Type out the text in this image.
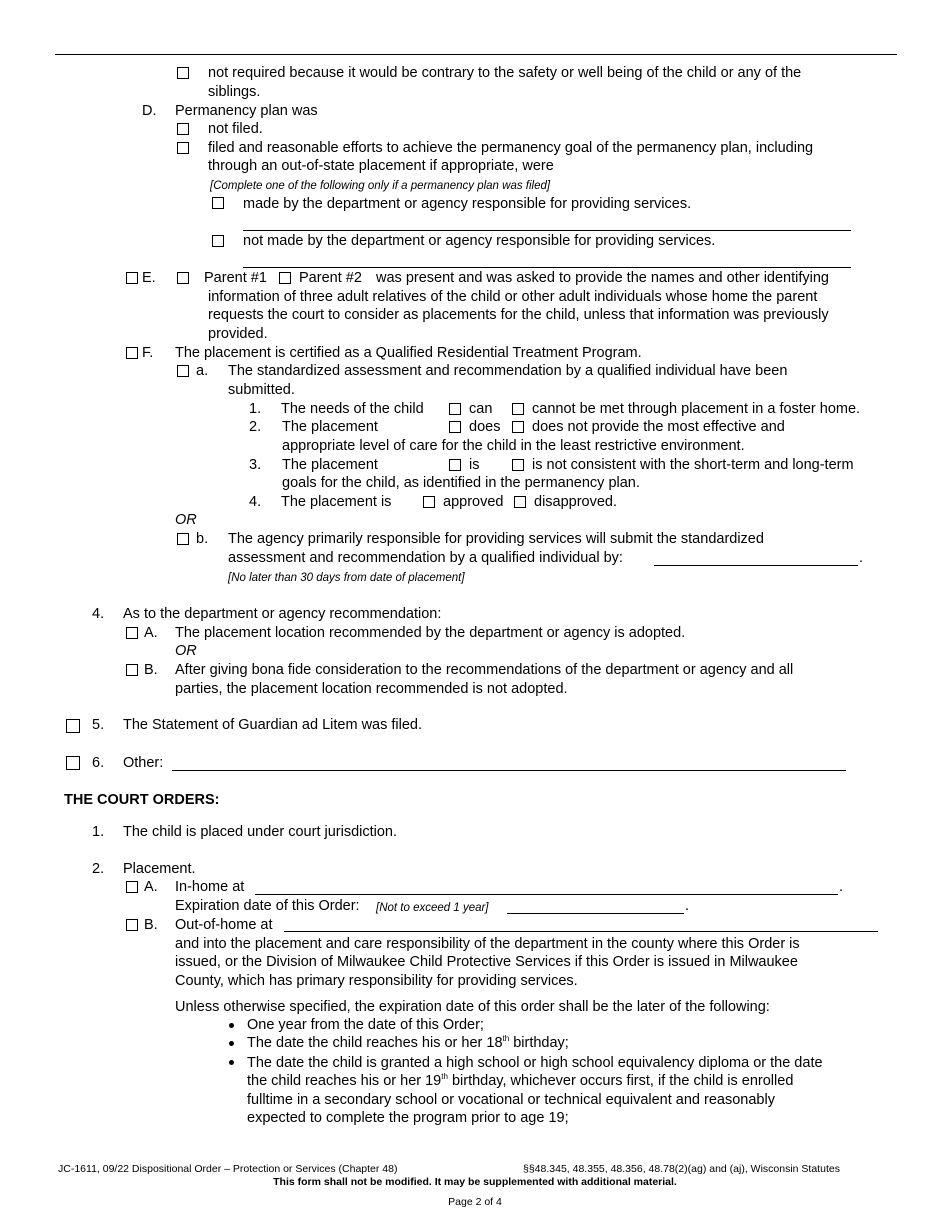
not required because it would be contrary to the safety or well being of the child or any of the
siblings.
D. Permanency plan was
not filed.
filed and reasonable efforts to achieve the permanency goal of the permanency plan, including
through an out-of-state placement if appropriate, were
[Complete one of the following only if a permanency plan was filed]
made by the department or agency responsible for providing services.
not made by the department or agency responsible for providing services.
E.	Parent #1 Parent #2 was present and was asked to provide the names and other identifying
information of three adult relatives of the child or other adult individuals whose home the parent
requests the court to consider as placements for the child, unless that information was previously
provided.
F. The placement is certified as a Qualified Residential Treatment Program.
a. The standardized assessment and recommendation by a qualified individual have been
submitted.
1. The needs of the child	can	cannot be met through placement in a foster home.
2. The placement	does does not provide the most effective and
appropriate level of care for the child in the least restrictive environment.
3. The placement	is	is not consistent with the short-term and long-term
goals for the child, as identified in the permanency plan.
4. The placement is	approved disapproved.
OR
b. The agency primarily responsible for providing services will submit the standardized
assessment and recommendation by a qualified individual by:	.
[No later than 30 days from date of placement]
4. As to the department or agency recommendation:
A. The placement location recommended by the department or agency is adopted.
OR
B. After giving bona fide consideration to the recommendations of the department or agency and all
parties, the placement location recommended is not adopted.
5. The Statement of Guardian ad Litem was filed.
6. Other:
THE COURT ORDERS:
1. The child is placed under court jurisdiction.
2. Placement.
A. In-home at	.
Expiration date of this Order: [Not to exceed 1 year]	.
B. Out-of-home at
and into the placement and care responsibility of the department in the county where this Order is
issued, or the Division of Milwaukee Child Protective Services if this Order is issued in Milwaukee
County, which has primary responsibility for providing services.
Unless otherwise specified, the expiration date of this order shall be the later of the following:
One year from the date of this Order;
The date the child reaches his or her 18th birthday;
The date the child is granted a high school or high school equivalency diploma or the date
the child reaches his or her 19th birthday, whichever occurs first, if the child is enrolled
fulltime in a secondary school or vocational or technical equivalent and reasonably
expected to complete the program prior to age 19;
JC-1611, 09/22 Dispositional Order – Protection or Services (Chapter 48)	§§48.345, 48.355, 48.356, 48.78(2)(ag) and (aj), Wisconsin Statutes
This form shall not be modified. It may be supplemented with additional material.
Page 2 of 4
